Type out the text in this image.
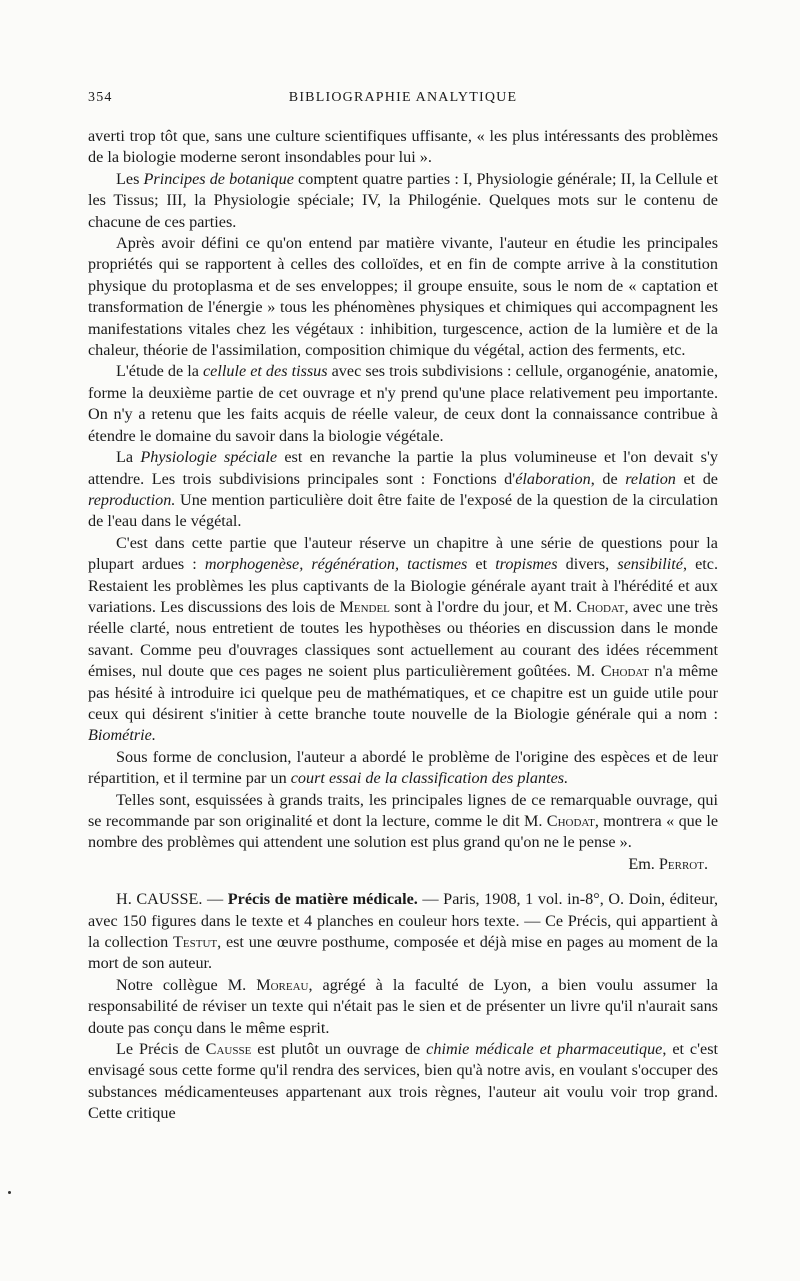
354	BIBLIOGRAPHIE ANALYTIQUE

averti trop tôt que, sans une culture scientifiques uffisante, « les plus intéressants des problèmes de la biologie moderne seront insondables pour lui ».

Les Principes de botanique comptent quatre parties : I, Physiologie générale; II, la Cellule et les Tissus; III, la Physiologie spéciale; IV, la Philogénie. Quelques mots sur le contenu de chacune de ces parties.

Après avoir défini ce qu'on entend par matière vivante, l'auteur en étudie les principales propriétés qui se rapportent à celles des colloïdes, et en fin de compte arrive à la constitution physique du protoplasma et de ses enveloppes; il groupe ensuite, sous le nom de « captation et transformation de l'énergie » tous les phénomènes physiques et chimiques qui accompagnent les manifestations vitales chez les végétaux : inhibition, turgescence, action de la lumière et de la chaleur, théorie de l'assimilation, composition chimique du végétal, action des ferments, etc.

L'étude de la cellule et des tissus avec ses trois subdivisions : cellule, organogénie, anatomie, forme la deuxième partie de cet ouvrage et n'y prend qu'une place relativement peu importante. On n'y a retenu que les faits acquis de réelle valeur, de ceux dont la connaissance contribue à étendre le domaine du savoir dans la biologie végétale.

La Physiologie spéciale est en revanche la partie la plus volumineuse et l'on devait s'y attendre. Les trois subdivisions principales sont : Fonctions d'élaboration, de relation et de reproduction. Une mention particulière doit être faite de l'exposé de la question de la circulation de l'eau dans le végétal.

C'est dans cette partie que l'auteur réserve un chapitre à une série de questions pour la plupart ardues : morphogenèse, régénération, tactismes et tropismes divers, sensibilité, etc. Restaient les problèmes les plus captivants de la Biologie générale ayant trait à l'hérédité et aux variations. Les discussions des lois de Mendel sont à l'ordre du jour, et M. Chodat, avec une très réelle clarté, nous entretient de toutes les hypothèses ou théories en discussion dans le monde savant. Comme peu d'ouvrages classiques sont actuellement au courant des idées récemment émises, nul doute que ces pages ne soient plus particulièrement goûtées. M. Chodat n'a même pas hésité à introduire ici quelque peu de mathématiques, et ce chapitre est un guide utile pour ceux qui désirent s'initier à cette branche toute nouvelle de la Biologie générale qui a nom : Biométrie.

Sous forme de conclusion, l'auteur a abordé le problème de l'origine des espèces et de leur répartition, et il termine par un court essai de la classification des plantes.

Telles sont, esquissées à grands traits, les principales lignes de ce remarquable ouvrage, qui se recommande par son originalité et dont la lecture, comme le dit M. Chodat, montrera « que le nombre des problèmes qui attendent une solution est plus grand qu'on ne le pense ».

Em.
Perrot.

H. CAUSSE. — Précis de matière médicale. — Paris, 1908, 1 vol. in-8°, O. Doin, éditeur, avec 150 figures dans le texte et 4 planches en couleur hors texte. — Ce Précis, qui appartient à la collection Testut, est une œuvre posthume, composée et déjà mise en pages au moment de la mort de son auteur.

Notre collègue M. Moreau, agrégé à la faculté de Lyon, a bien voulu assumer la responsabilité de réviser un texte qui n'était pas le sien et de présenter un livre qu'il n'aurait sans doute pas conçu dans le même esprit.

Le Précis de Causse est plutôt un ouvrage de chimie médicale et pharmaceutique, et c'est envisagé sous cette forme qu'il rendra des services, bien qu'à notre avis, en voulant s'occuper des substances médicamenteuses appartenant aux trois règnes, l'auteur ait voulu voir trop grand. Cette critique
